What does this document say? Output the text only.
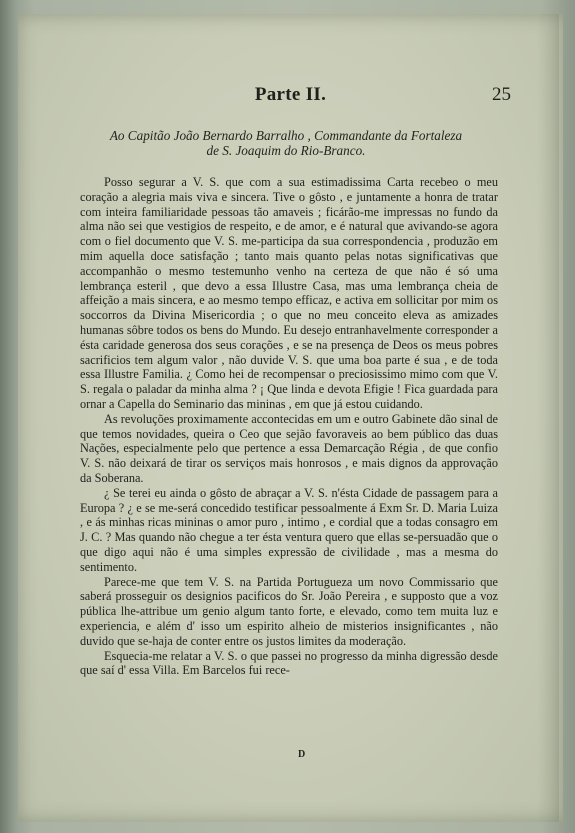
Parte II.	25
Ao Capitão João Bernardo Barralho , Commandante da Fortaleza
de S. Joaquim do Rio-Branco.

Posso segurar a V. S. que com a sua estimadissima Carta recebeo o meu coração a alegria mais viva e sincera. Tive o gôsto , e juntamente a honra de tratar com inteira familiaridade pessoas tão amaveis ; ficárão-me impressas no fundo da alma não sei que vestigios de respeito, e de amor, e é natural que avivando-se agora com o fiel documento que V. S. me-participa da sua correspondencia , produzão em mim aquella doce satisfação ; tanto mais quanto pelas notas significativas que accompanhão o mesmo testemunho venho na certeza de que não é só uma lembrança esteril , que devo a essa Illustre Casa, mas uma lembrança cheia de affeição a mais sincera, e ao mesmo tempo efficaz, e activa em sollicitar por mim os soccorros da Divina Misericordia ; o que no meu conceito eleva as amizades humanas sôbre todos os bens do Mundo. Eu desejo entranhavelmente corresponder a ésta caridade generosa dos seus corações , e se na presença de Deos os meus pobres sacrificios tem algum valor , não duvide V. S. que uma boa parte é sua , e de toda essa Illustre Familia. ¿ Como hei de recompensar o preciosissimo mimo com que V. S. regala o paladar da minha alma ? ¡ Que linda e devota Efigie ! Fica guardada para ornar a Capella do Seminario das mininas , em que já estou cuidando.

As revoluções proximamente accontecidas em um e outro Gabinete dão sinal de que temos novidades, queira o Ceo que sejão favoraveis ao bem público das duas Nações, especialmente pelo que pertence a essa Demarcação Régia , de que confio V. S. não deixará de tirar os serviços mais honrosos , e mais dignos da approvação da Soberana.

¿ Se terei eu ainda o gôsto de abraçar a V. S. n'ésta Cidade de passagem para a Europa ? ¿ e se me-será concedido testificar pessoalmente á Exm Sr. D. Maria Luiza , e ás minhas ricas mininas o amor puro , intimo , e cordial que a todas consagro em J. C. ? Mas quando não chegue a ter ésta ventura quero que ellas se-persuadão que o que digo aqui não é uma simples expressão de civilidade , mas a mesma do sentimento.

Parece-me que tem V. S. na Partida Portugueza um novo Commissario que saberá prosseguir os designios pacificos do Sr. João Pereira , e supposto que a voz pública lhe-attribue um genio algum tanto forte, e elevado, como tem muita luz e experiencia, e além d' isso um espirito alheio de misterios insignificantes , não duvido que se-haja de conter entre os justos limites da moderação.

Esquecia-me relatar a V. S. o que passei no progresso da minha digressão desde que saí d' essa Villa. Em Barcelos fui rece-

D
